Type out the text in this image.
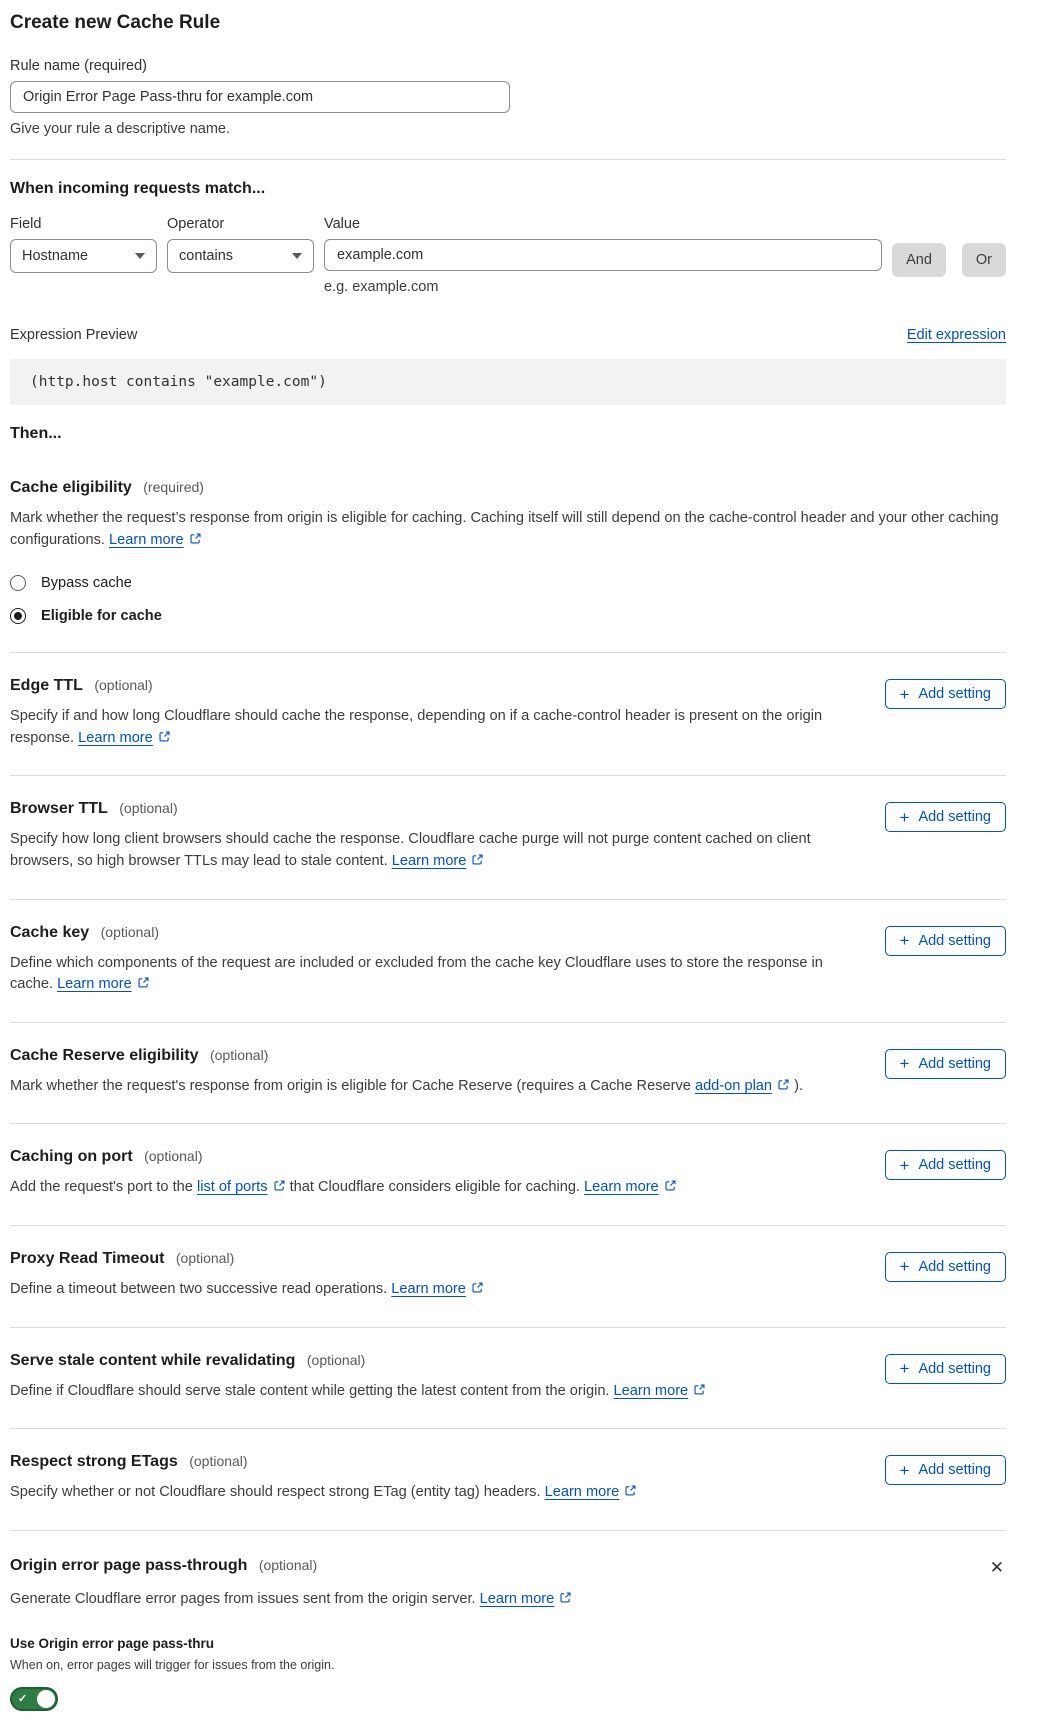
Create new Cache Rule
Rule name (required)
Origin Error Page Pass-thru for example.com
Give your rule a descriptive name.
When incoming requests match...
Field
Hostname
Operator
contains
Value
example.com
e.g. example.com
And	Or
Expression Preview	Edit expression
(http.host contains "example.com")
Then...
Cache eligibility (required)

Mark whether the request’s response from origin is eligible for caching. Caching itself will still depend on the cache-control header and your other caching configurations. Learn more

Bypass cache
Eligible for cache
Edge TTL (optional)

Specify if and how long Cloudflare should cache the response, depending on if a cache-control header is present on the origin response. Learn more

+ Add setting
Browser TTL (optional)

Specify how long client browsers should cache the response. Cloudflare cache purge will not purge content cached on client browsers, so high browser TTLs may lead to stale content. Learn more

+ Add setting
Cache key (optional)

Define which components of the request are included or excluded from the cache key Cloudflare uses to store the response in cache. Learn more

+ Add setting
Cache Reserve eligibility (optional)

Mark whether the request's response from origin is eligible for Cache Reserve (requires a Cache Reserve add-on plan
).

+ Add setting
Caching on port (optional)

Add the request's port to the list of ports
that Cloudflare considers eligible for caching. Learn more

+ Add setting
Proxy Read Timeout (optional)

Define a timeout between two successive read operations. Learn more

+ Add setting
Serve stale content while revalidating (optional)

Define if Cloudflare should serve stale content while getting the latest content from the origin. Learn more

+ Add setting
Respect strong ETags (optional)

Specify whether or not Cloudflare should respect strong ETag (entity tag) headers. Learn more

+ Add setting
Origin error page pass-through (optional)	✕

Generate Cloudflare error pages from issues sent from the origin server. Learn more

Use Origin error page pass-thru
When on, error pages will trigger for issues from the origin.
✓
